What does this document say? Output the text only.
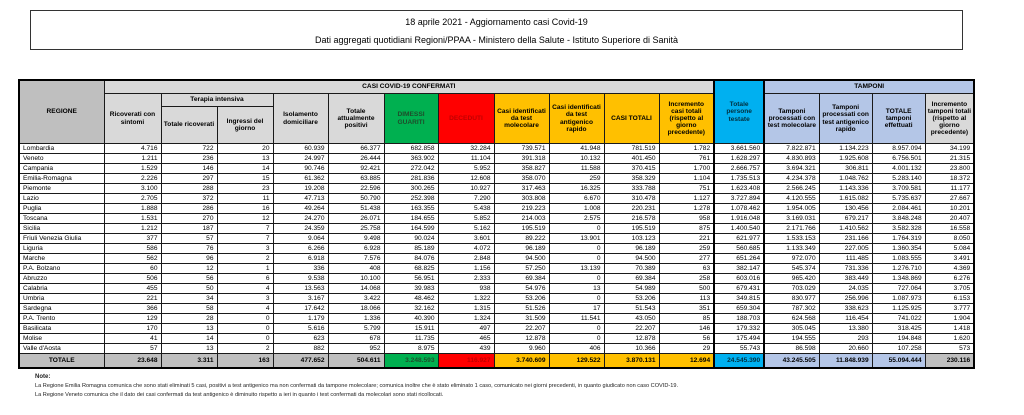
18 aprile 2021 - Aggiornamento casi Covid-19
Dati aggregati quotidiani Regioni/PPAA - Ministero della Salute - Istituto Superiore di Sanità
REGIONE	CASI COVID-19 CONFERMATI											Totale persone testate	TAMPONI			
	Ricoverati con sintomi	Terapia intensiva		Isolamento domiciliare	Totale attualmente positivi	DIMESSI GUARITI	DECEDUTI	Casi identificati da test molecolare	Casi identificati da test antigenico rapido	CASI TOTALI	Incremento casi totali (rispetto al giorno precedente)		Tamponi processati con test molecolare	Tamponi processati con test antigenico rapido	TOTALE tamponi effettuati	Incremento tamponi totali (rispetto al giorno precedente)
		Totale ricoverati	Ingressi del giorno													
Lombardia	4.716	722	20	60.939	66.377	682.858	32.284	739.571	41.948	781.519	1.782	3.661.560	7.822.871	1.134.223	8.957.094	34.199
Veneto	1.211	236	13	24.997	26.444	363.902	11.104	391.318	10.132	401.450	761	1.628.297	4.830.893	1.925.608	6.756.501	21.315
Campania	1.529	146	14	90.746	92.421	272.042	5.952	358.827	11.588	370.415	1.700	2.666.757	3.694.321	306.811	4.001.132	23.800
Emilia-Romagna	2.226	297	15	61.362	63.885	281.836	12.608	358.070	259	358.329	1.104	1.735.513	4.234.378	1.048.762	5.283.140	18.372
Piemonte	3.100	288	23	19.208	22.596	300.265	10.927	317.463	16.325	333.788	751	1.623.408	2.566.245	1.143.336	3.709.581	11.177
Lazio	2.705	372	11	47.713	50.790	252.398	7.290	303.808	6.670	310.478	1.127	3.727.894	4.120.555	1.615.082	5.735.637	27.667
Puglia	1.888	286	16	49.264	51.438	163.355	5.438	219.223	1.008	220.231	1.278	1.078.462	1.954.005	130.456	2.084.461	10.201
Toscana	1.531	270	12	24.270	26.071	184.655	5.852	214.003	2.575	216.578	958	1.916.048	3.169.031	679.217	3.848.248	20.407
Sicilia	1.212	187	7	24.359	25.758	164.599	5.162	195.519	0	195.519	875	1.400.540	2.171.766	1.410.562	3.582.328	16.558
Friuli Venezia Giulia	377	57	7	9.064	9.498	90.024	3.601	89.222	13.901	103.123	221	621.977	1.533.153	231.166	1.764.319	8.050
Liguria	586	76	3	6.266	6.928	85.189	4.072	96.189	0	96.189	259	560.685	1.133.349	227.005	1.360.354	5.084
Marche	562	96	2	6.918	7.576	84.076	2.848	94.500	0	94.500	277	651.264	972.070	111.485	1.083.555	3.491
P.A. Bolzano	60	12	1	336	408	68.825	1.156	57.250	13.139	70.389	63	382.147	545.374	731.336	1.276.710	4.369
Abruzzo	506	56	6	9.538	10.100	56.951	2.333	69.384	0	69.384	258	603.016	965.420	383.449	1.348.869	6.276
Calabria	455	50	4	13.563	14.068	39.983	938	54.976	13	54.989	500	679.431	703.029	24.035	727.064	3.705
Umbria	221	34	3	3.167	3.422	48.462	1.322	53.206	0	53.206	113	349.815	830.977	256.996	1.087.973	6.153
Sardegna	366	58	4	17.642	18.066	32.162	1.315	51.526	17	51.543	351	659.304	787.302	338.623	1.125.925	3.777
P.A. Trento	129	28	0	1.179	1.336	40.390	1.324	31.509	11.541	43.050	85	188.703	624.568	116.454	741.022	1.904
Basilicata	170	13	0	5.616	5.799	15.911	497	22.207	0	22.207	146	179.332	305.045	13.380	318.425	1.418
Molise	41	14	0	623	678	11.735	465	12.878	0	12.878	56	175.494	194.555	293	194.848	1.620
Valle d'Aosta	57	13	2	882	952	8.975	439	9.960	406	10.366	29	55.743	86.598	20.660	107.258	573
TOTALE	23.648	3.311	163	477.652	504.611	3.248.593	116.927	3.740.609	129.522	3.870.131	12.694	24.545.390	43.245.505	11.848.939	55.094.444	230.116
Note:
La Regione Emilia Romagna comunica che sono stati eliminati 5 casi, positivi a test antigenico ma non confermati da tampone molecolare; comunica inoltre che è stato eliminato 1 caso, comunicato nei giorni precedenti, in quanto giudicato non caso COVID-19.
La Regione Veneto comunica che il dato dei casi confermati da test antigenico è diminuito rispetto a ieri in quanto i test confermati da molecolari sono stati ricollocati.
